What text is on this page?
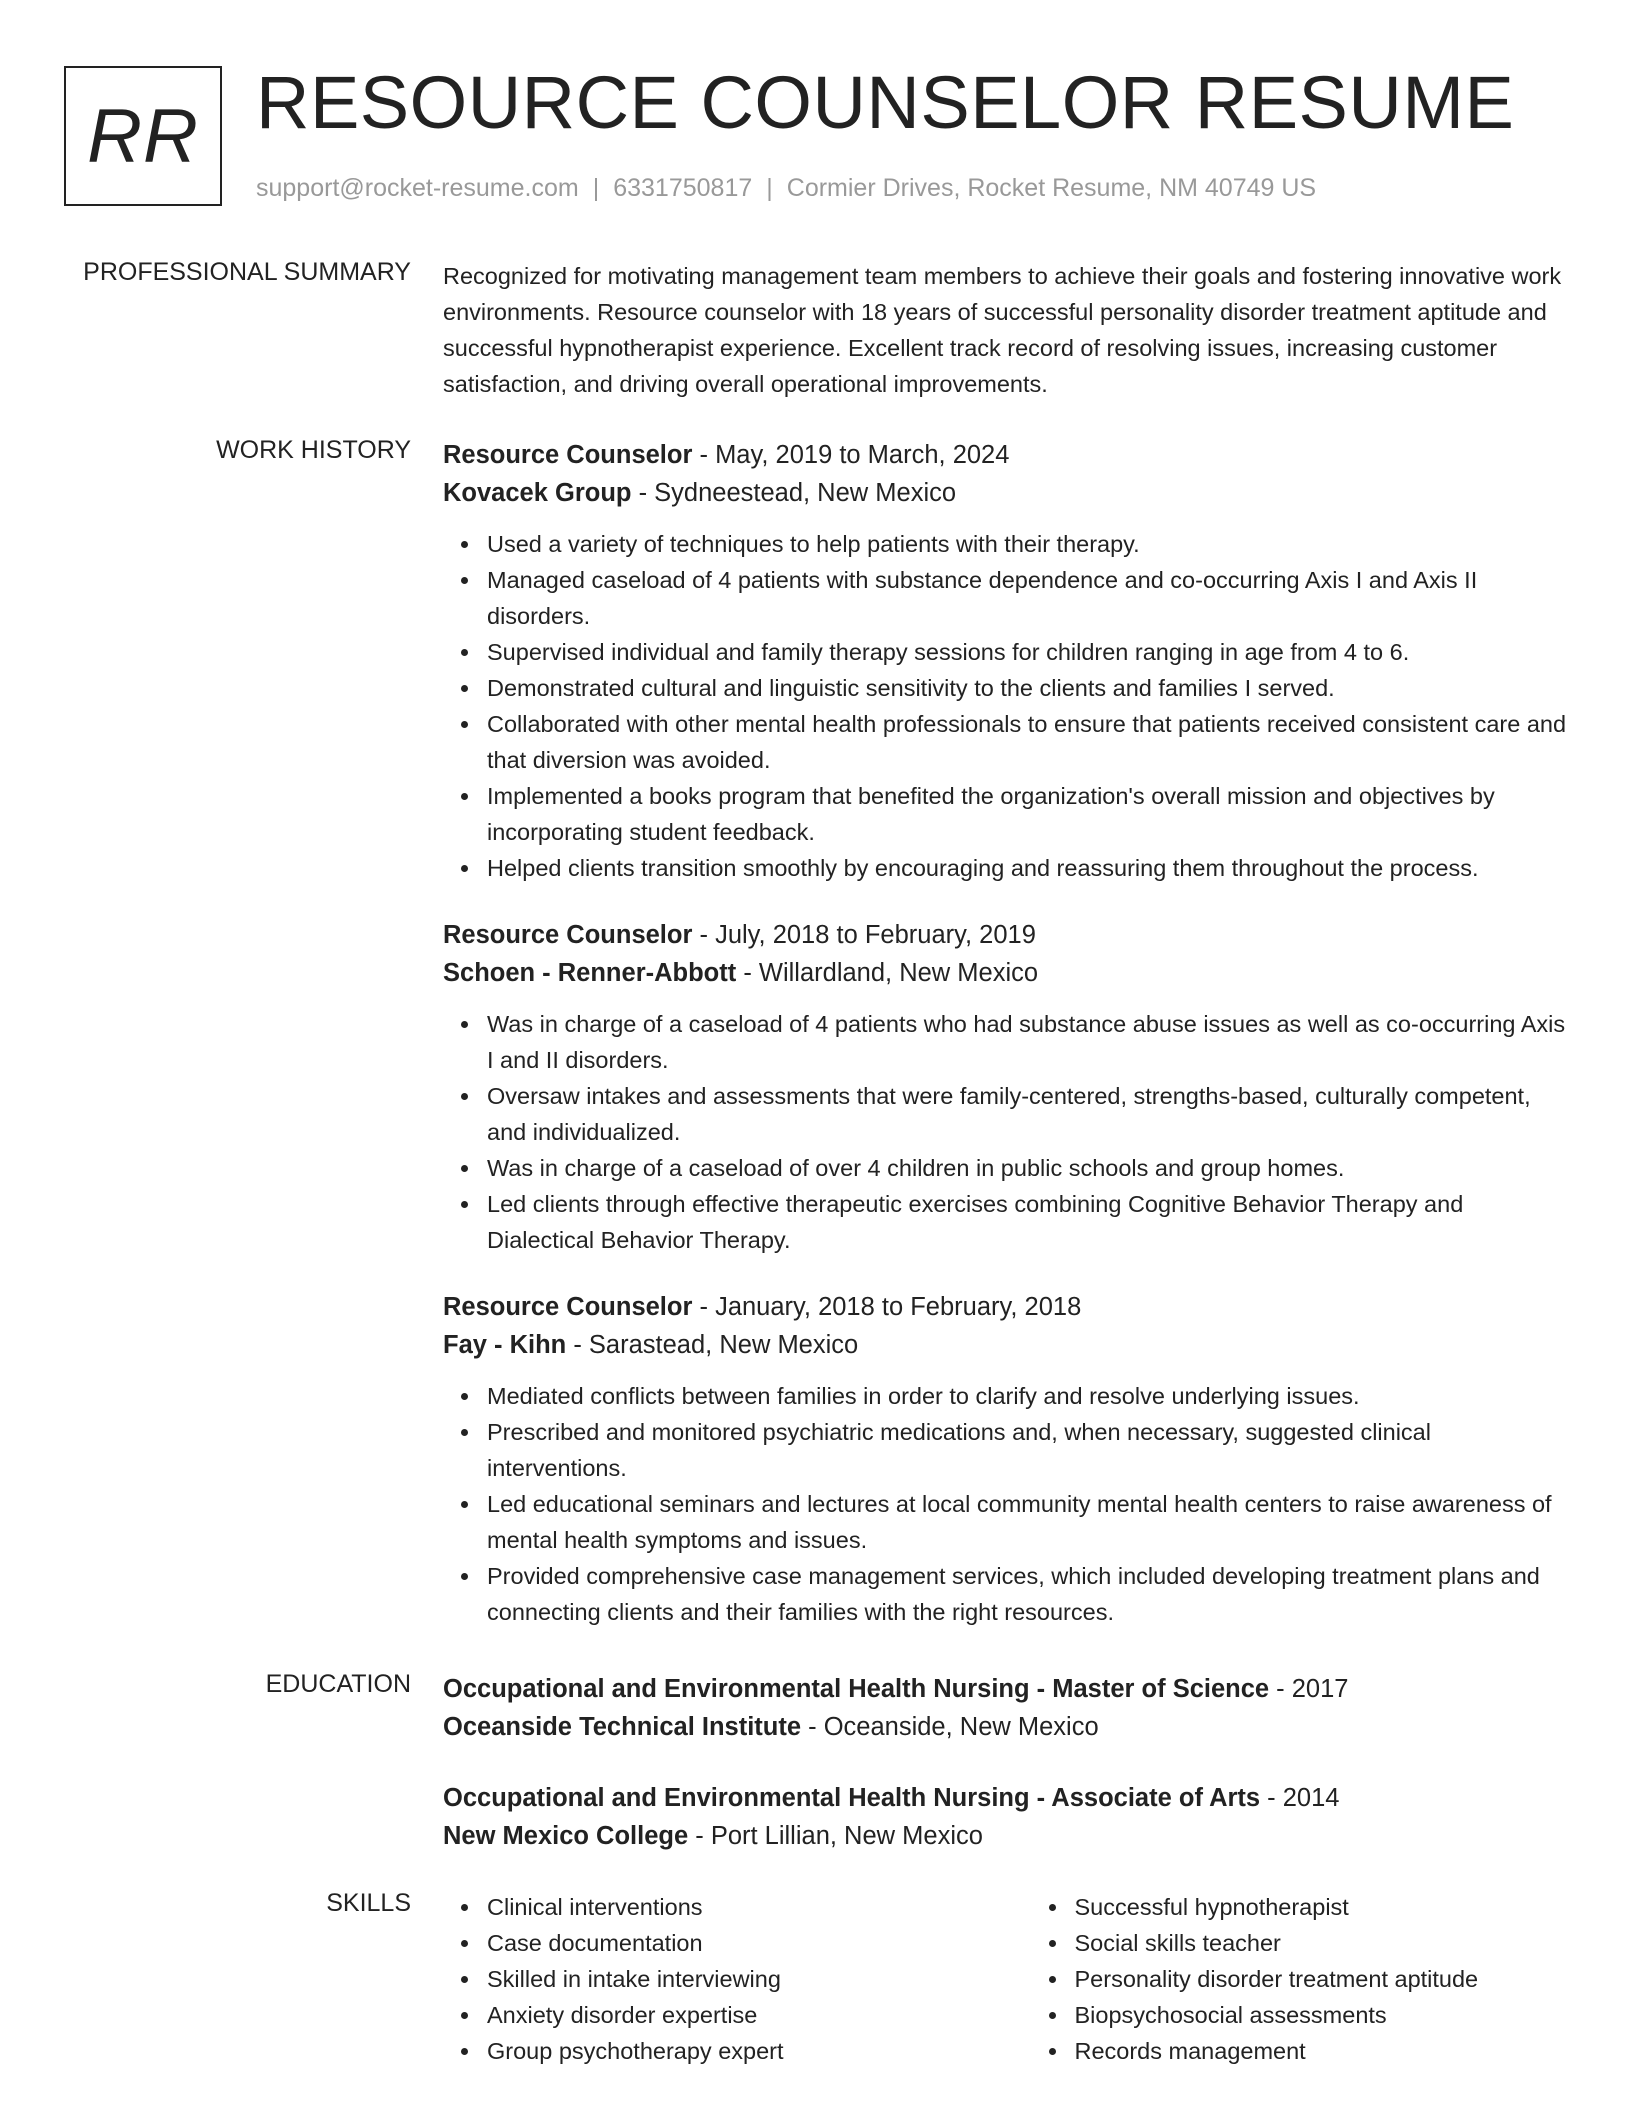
RR RESOURCE COUNSELOR RESUME
support@rocket-resume.com | 6331750817 | Cormier Drives, Rocket Resume, NM 40749 US
PROFESSIONAL SUMMARY Recognized for motivating management team members to achieve their goals and fostering innovative work environments. Resource counselor with 18 years of successful personality disorder treatment aptitude and successful hypnotherapist experience. Excellent track record of resolving issues, increasing customer satisfaction, and driving overall operational improvements.

WORK HISTORY Resource Counselor - May, 2019 to March, 2024
Kovacek Group - Sydneestead, New Mexico
Used a variety of techniques to help patients with their therapy.
Managed caseload of 4 patients with substance dependence and co-occurring Axis I and Axis II disorders.
Supervised individual and family therapy sessions for children ranging in age from 4 to 6.
Demonstrated cultural and linguistic sensitivity to the clients and families I served.
Collaborated with other mental health professionals to ensure that patients received consistent care and that diversion was avoided.
Implemented a books program that benefited the organization's overall mission and objectives by incorporating student feedback.
Helped clients transition smoothly by encouraging and reassuring them throughout the process.
Resource Counselor - July, 2018 to February, 2019
Schoen - Renner-Abbott - Willardland, New Mexico
Was in charge of a caseload of 4 patients who had substance abuse issues as well as co-occurring Axis I and II disorders.
Oversaw intakes and assessments that were family-centered, strengths-based, culturally competent, and individualized.
Was in charge of a caseload of over 4 children in public schools and group homes.
Led clients through effective therapeutic exercises combining Cognitive Behavior Therapy and Dialectical Behavior Therapy.
Resource Counselor - January, 2018 to February, 2018
Fay - Kihn - Sarastead, New Mexico
Mediated conflicts between families in order to clarify and resolve underlying issues.
Prescribed and monitored psychiatric medications and, when necessary, suggested clinical interventions.
Led educational seminars and lectures at local community mental health centers to raise awareness of mental health symptoms and issues.
Provided comprehensive case management services, which included developing treatment plans and connecting clients and their families with the right resources.
EDUCATION Occupational and Environmental Health Nursing - Master of Science - 2017
Oceanside Technical Institute - Oceanside, New Mexico
Occupational and Environmental Health Nursing - Associate of Arts - 2014
New Mexico College - Port Lillian, New Mexico
SKILLS	Clinical interventions
Case documentation
Skilled in intake interviewing
Anxiety disorder expertise
Group psychotherapy expert
Successful hypnotherapist
Social skills teacher
Personality disorder treatment aptitude
Biopsychosocial assessments
Records management
